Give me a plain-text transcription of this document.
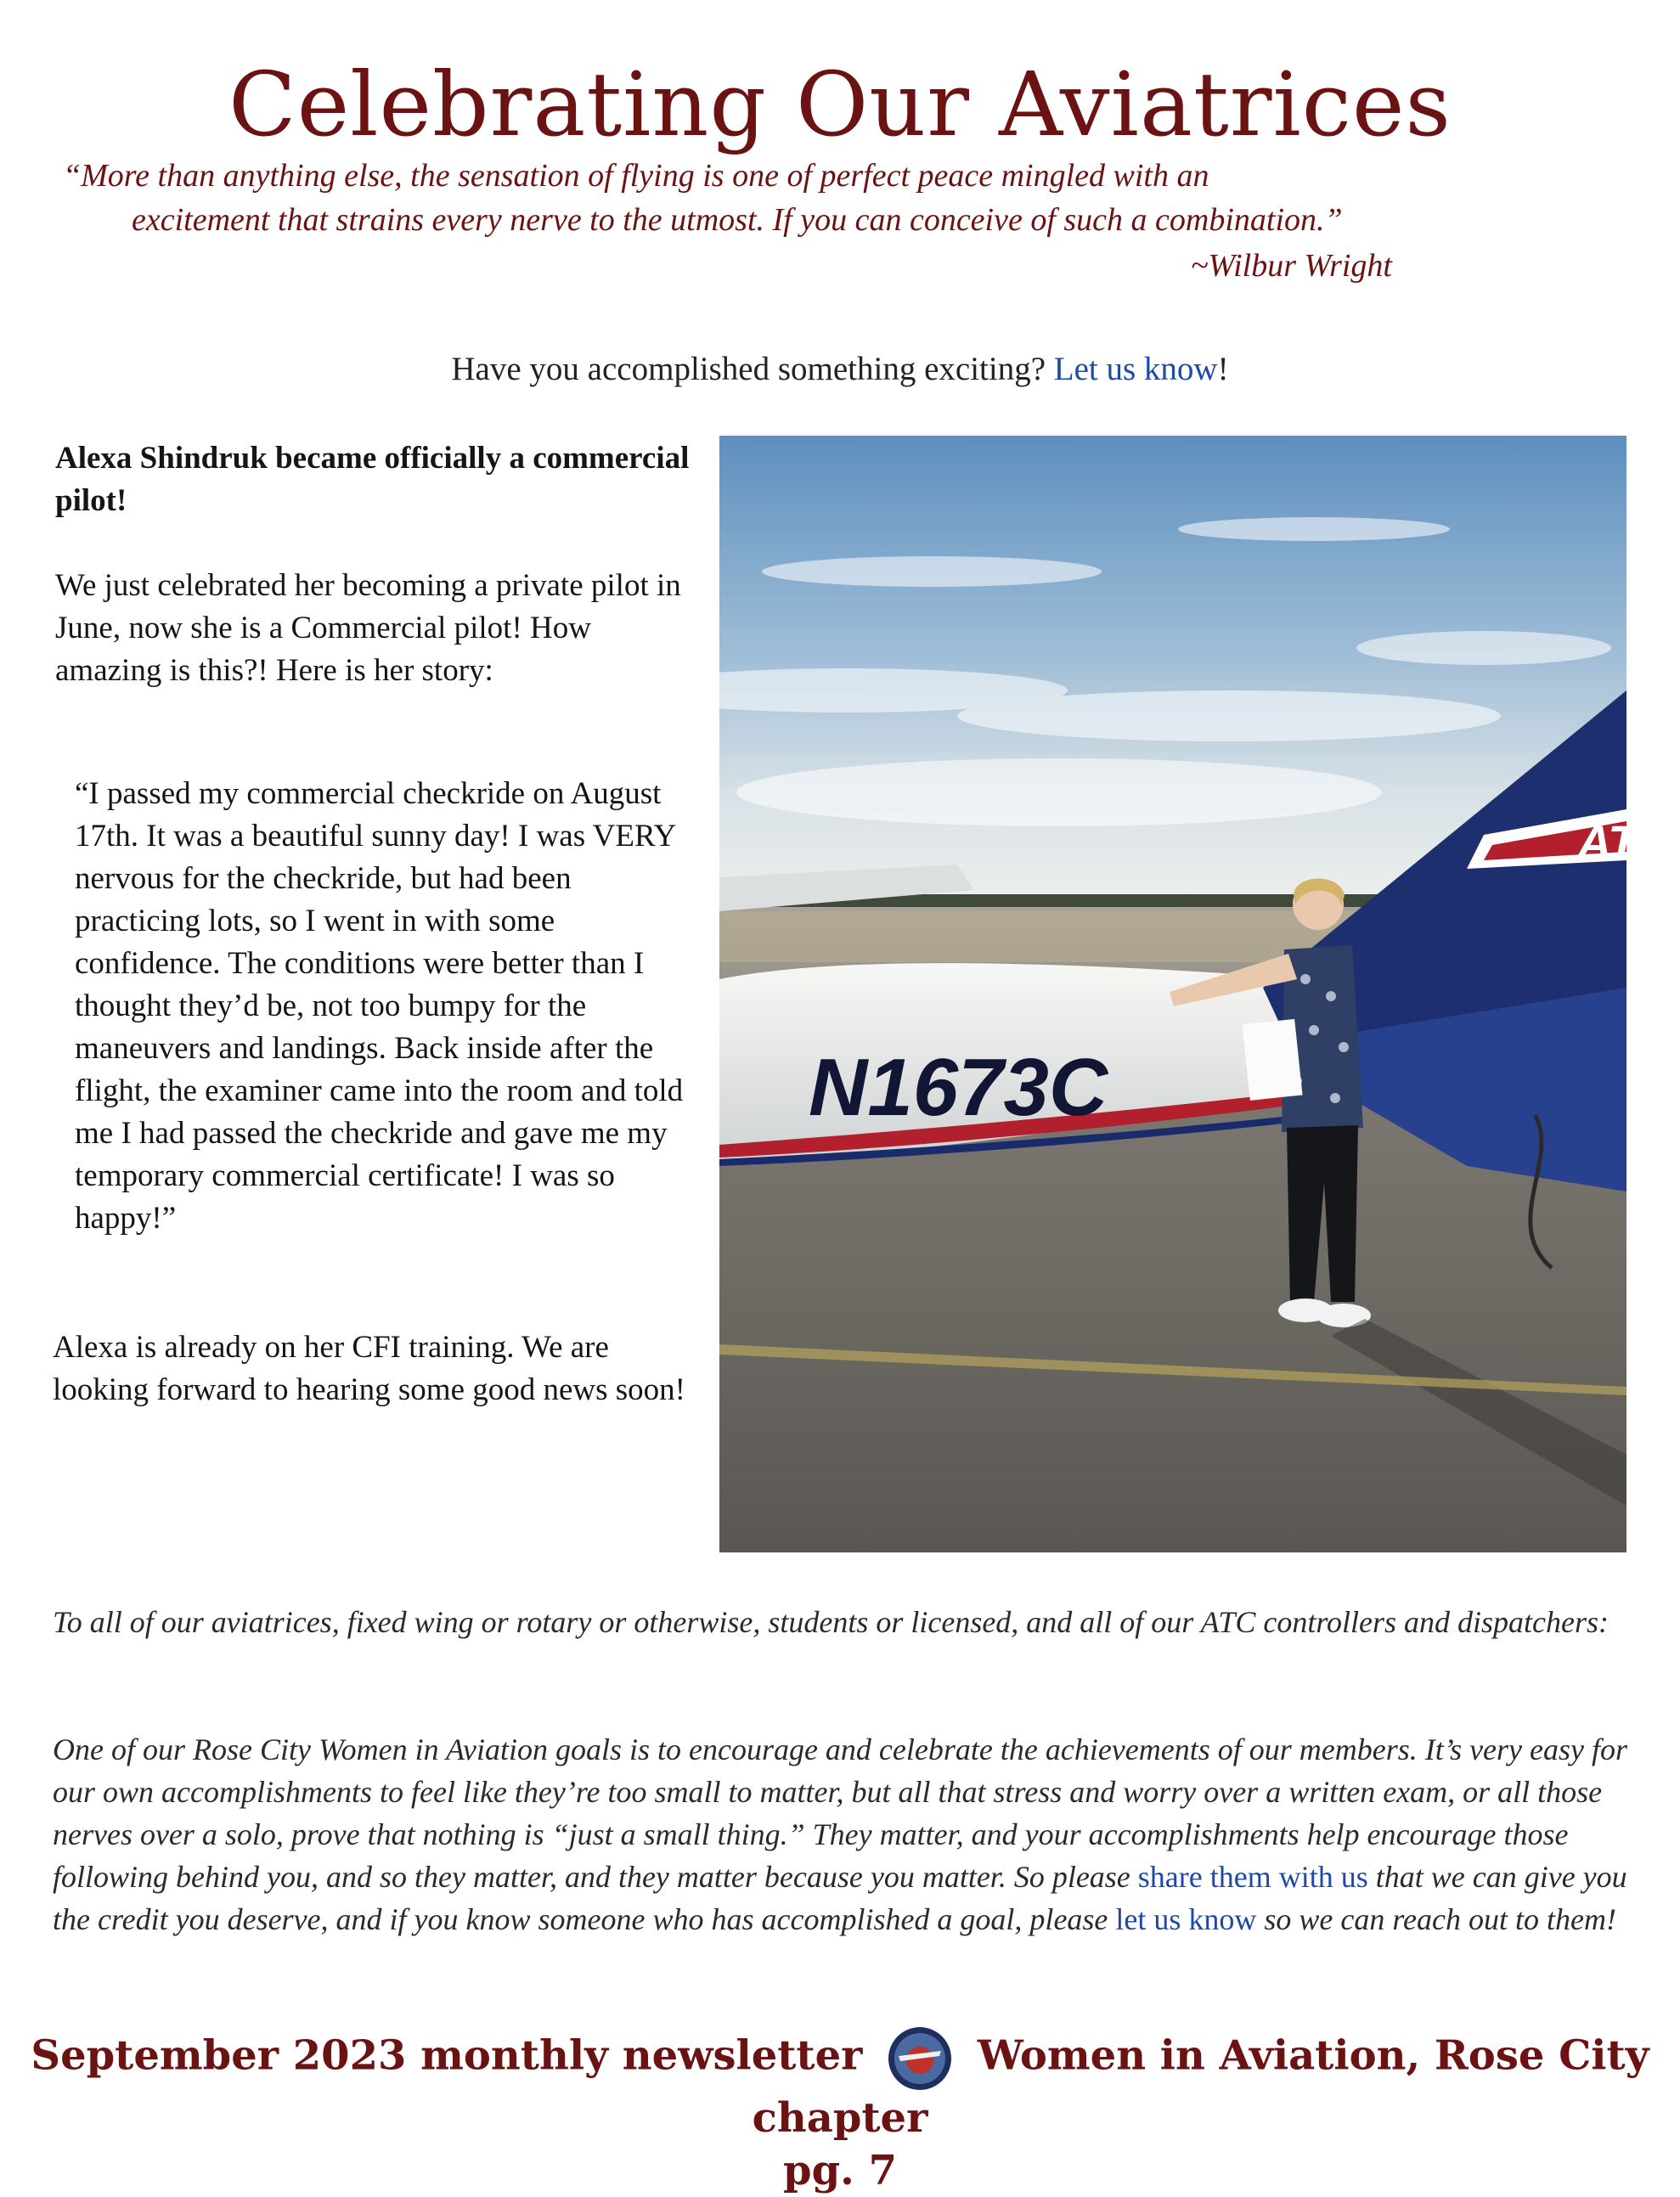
Celebrating Our Aviatrices
“More than anything else, the sensation of flying is one of perfect peace mingled with an
excitement that strains every nerve to the utmost. If you can conceive of such a combination.”
~Wilbur Wright
Have you accomplished something exciting? Let us know!

Alexa Shindruk became officially a commercial pilot!

We just celebrated her becoming a private pilot in June, now she is a Commercial pilot! How amazing is this?! Here is her story:

“I passed my commercial checkride on August 17th. It was a beautiful sunny day! I was VERY nervous for the checkride, but had been practicing lots, so I went in with some confidence. The conditions were better than I thought they’d be, not too bumpy for the maneuvers and landings. Back inside after the flight, the examiner came into the room and told me I had passed the checkride and gave me my temporary commercial certificate! I was so happy!”

Alexa is already on her CFI training. We are looking forward to hearing some good news soon!

AT
N1673C

To all of our aviatrices, fixed wing or rotary or otherwise, students or licensed, and all of our ATC controllers and dispatchers:

One of our Rose City Women in Aviation goals is to encourage and celebrate the achievements of our members. It’s very easy for our own accomplishments to feel like they’re too small to matter, but all that stress and worry over a written exam, or all those nerves over a solo, prove that nothing is “just a small thing.” They matter, and your accomplishments help encourage those following behind you, and so they matter, and they matter because you matter. So please share them with us that we can give you the credit you deserve, and if you know someone who has accomplished a goal, please let us know so we can reach out to them!

September 2023 monthly newsletter	Women in Aviation, Rose City chapter
pg. 7
